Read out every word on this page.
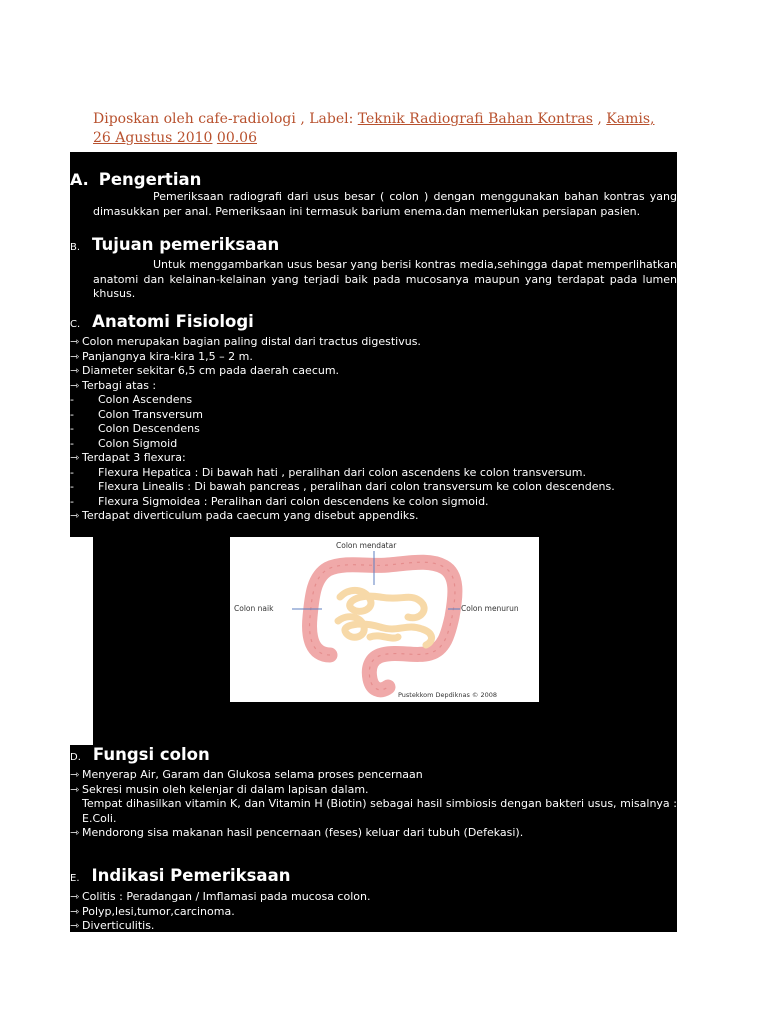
Diposkan oleh cafe-radiologi , Label: Teknik Radiografi Bahan Kontras , Kamis, 26 Agustus 2010 00.06
A. Pengertian
Pemeriksaan radiografi dari usus besar ( colon ) dengan menggunakan bahan kontras yang dimasukkan per anal. Pemeriksaan ini termasuk barium enema.dan memerlukan persiapan pasien.
B. Tujuan pemeriksaan
Untuk menggambarkan usus besar yang berisi kontras media,sehingga dapat memperlihatkan anatomi dan kelainan-kelainan yang terjadi baik pada mucosanya maupun yang terdapat pada lumen khusus.
C. Anatomi Fisiologi
⇾ Colon merupakan bagian paling distal dari tractus digestivus.
⇾ Panjangnya kira-kira 1,5 – 2 m.
⇾ Diameter sekitar 6,5 cm pada daerah caecum.
⇾ Terbagi atas :
- Colon Ascendens
- Colon Transversum
- Colon Descendens
- Colon Sigmoid
⇾ Terdapat 3 flexura:
- Flexura Hepatica : Di bawah hati , peralihan dari colon ascendens ke colon transversum.
- Flexura Linealis : Di bawah pancreas , peralihan dari colon transversum ke colon descendens.
- Flexura Sigmoidea : Peralihan dari colon descendens ke colon sigmoid.
⇾ Terdapat diverticulum pada caecum yang disebut appendiks.
Colon mendatar
Colon naik	Colon menurun
Pustekkom Depdiknas © 2008
D. Fungsi colon
⇾ Menyerap Air, Garam dan Glukosa selama proses pencernaan
⇾ Sekresi musin oleh kelenjar di dalam lapisan dalam.
⇾ Tempat dihasilkan vitamin K, dan Vitamin H (Biotin) sebagai hasil simbiosis dengan bakteri usus, misalnya : E.Coli.
⇾ Mendorong sisa makanan hasil pencernaan (feses) keluar dari tubuh (Defekasi).
E. Indikasi Pemeriksaan
⇾ Colitis : Peradangan / Imflamasi pada mucosa colon.
⇾ Polyp,lesi,tumor,carcinoma.
⇾ Diverticulitis.
